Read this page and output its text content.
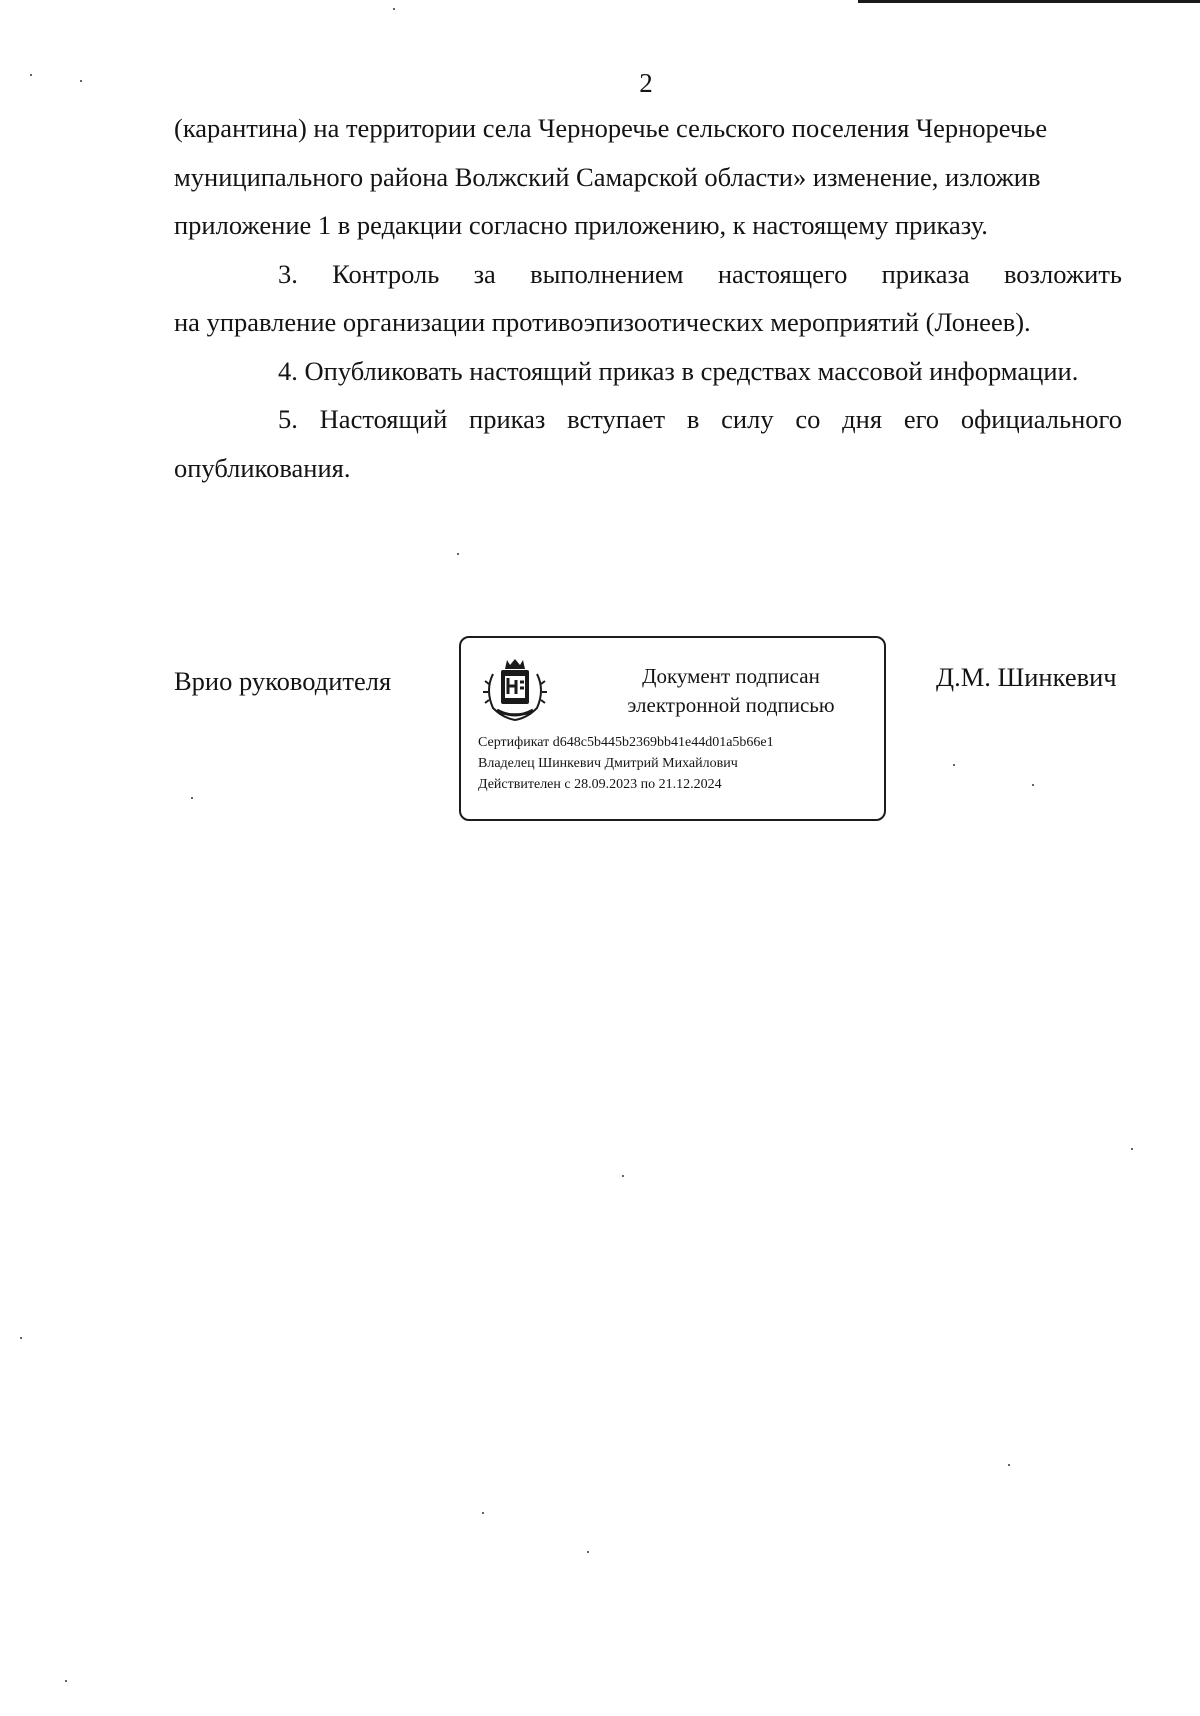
2

(карантина) на территории села Черноречье сельского поселения Черноречье
муниципального района Волжский Самарской области» изменение, изложив
приложение 1 в редакции согласно приложению, к настоящему приказу.

3. Контроль за выполнением настоящего приказа возложить

на управление организации противоэпизоотических мероприятий (Лонеев).

4. Опубликовать настоящий приказ в средствах массовой информации.

5. Настоящий приказ вступает в силу со дня его официального

опубликования.

Врио руководителя	Документ подписан
электронной подписью
Сертификат d648c5b445b2369bb41e44d01a5b66e1
Владелец Шинкевич Дмитрий Михайлович
Действителен с 28.09.2023 по 21.12.2024
Д.М. Шинкевич
